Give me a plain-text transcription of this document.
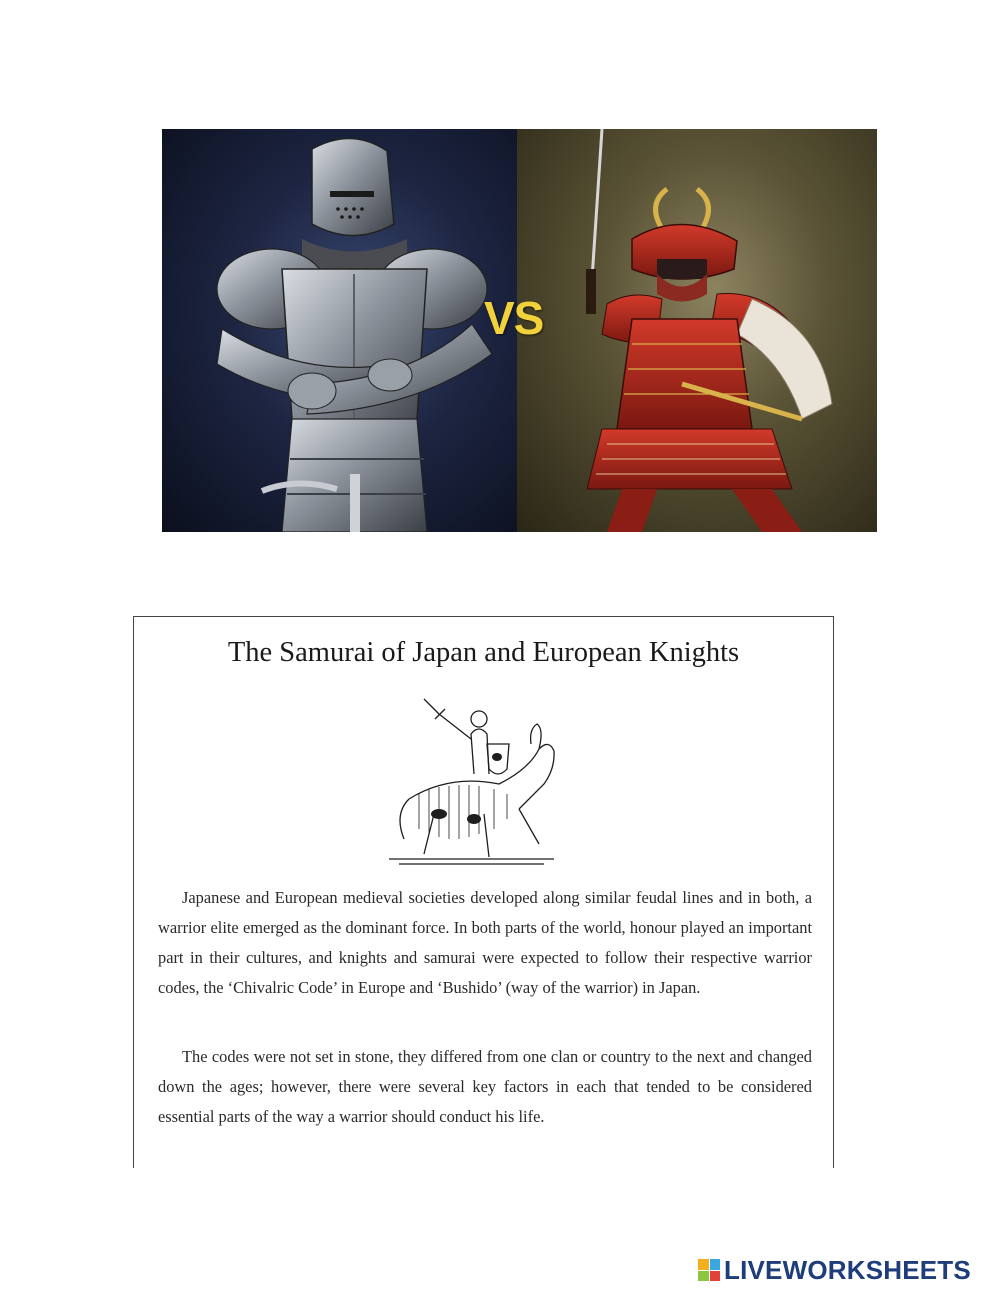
VS
The Samurai of Japan and European Knights

Japanese and European medieval societies developed along similar feudal lines and in both, a warrior elite emerged as the dominant force. In both parts of the world, honour played an important part in their cultures, and knights and samurai were expected to follow their respective warrior codes, the ‘Chivalric Code’ in Europe and ‘Bushido’ (way of the warrior) in Japan.

The codes were not set in stone, they differed from one clan or country to the next and changed down the ages; however, there were several key factors in each that tended to be considered essential parts of the way a warrior should conduct his life.

LIVEWORKSHEETS
